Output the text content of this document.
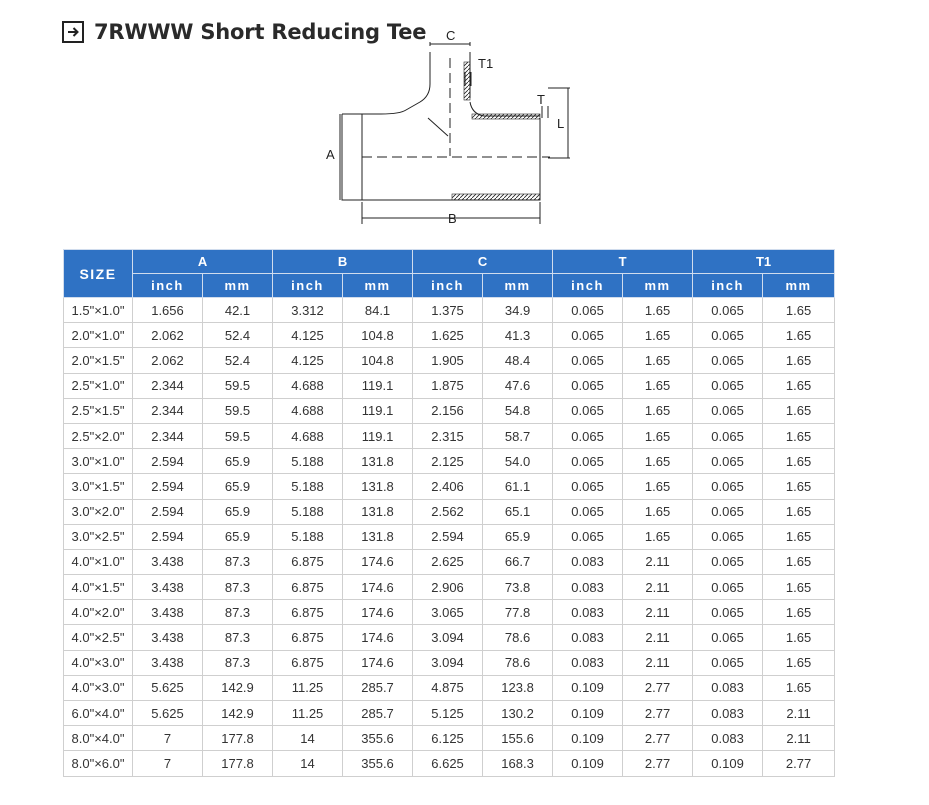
7RWWW Short Reducing Tee C
T1
T
L
A
B
SIZE	A		B		C		T		T1	
	inch	mm	inch	mm	inch	mm	inch	mm	inch	mm
1.5"×1.0"	1.656	42.1	3.312	84.1	1.375	34.9	0.065	1.65	0.065	1.65
2.0"×1.0"	2.062	52.4	4.125	104.8	1.625	41.3	0.065	1.65	0.065	1.65
2.0"×1.5"	2.062	52.4	4.125	104.8	1.905	48.4	0.065	1.65	0.065	1.65
2.5"×1.0"	2.344	59.5	4.688	119.1	1.875	47.6	0.065	1.65	0.065	1.65
2.5"×1.5"	2.344	59.5	4.688	119.1	2.156	54.8	0.065	1.65	0.065	1.65
2.5"×2.0"	2.344	59.5	4.688	119.1	2.315	58.7	0.065	1.65	0.065	1.65
3.0"×1.0"	2.594	65.9	5.188	131.8	2.125	54.0	0.065	1.65	0.065	1.65
3.0"×1.5"	2.594	65.9	5.188	131.8	2.406	61.1	0.065	1.65	0.065	1.65
3.0"×2.0"	2.594	65.9	5.188	131.8	2.562	65.1	0.065	1.65	0.065	1.65
3.0"×2.5"	2.594	65.9	5.188	131.8	2.594	65.9	0.065	1.65	0.065	1.65
4.0"×1.0"	3.438	87.3	6.875	174.6	2.625	66.7	0.083	2.11	0.065	1.65
4.0"×1.5"	3.438	87.3	6.875	174.6	2.906	73.8	0.083	2.11	0.065	1.65
4.0"×2.0"	3.438	87.3	6.875	174.6	3.065	77.8	0.083	2.11	0.065	1.65
4.0"×2.5"	3.438	87.3	6.875	174.6	3.094	78.6	0.083	2.11	0.065	1.65
4.0"×3.0"	3.438	87.3	6.875	174.6	3.094	78.6	0.083	2.11	0.065	1.65
4.0"×3.0"	5.625	142.9	11.25	285.7	4.875	123.8	0.109	2.77	0.083	1.65
6.0"×4.0"	5.625	142.9	11.25	285.7	5.125	130.2	0.109	2.77	0.083	2.11
8.0"×4.0"	7	177.8	14	355.6	6.125	155.6	0.109	2.77	0.083	2.11
8.0"×6.0"	7	177.8	14	355.6	6.625	168.3	0.109	2.77	0.109	2.77
